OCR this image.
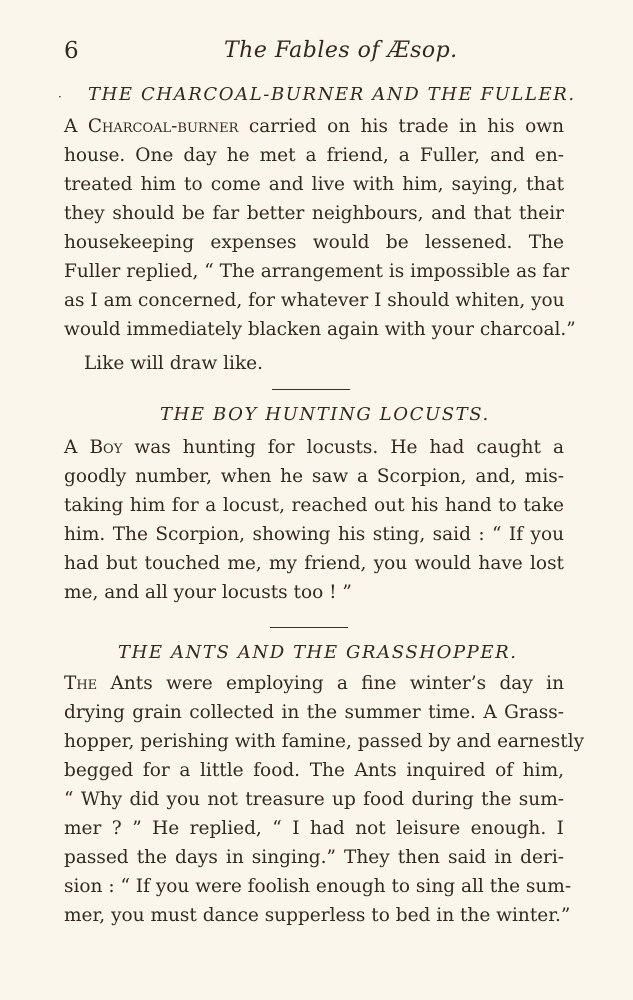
6	The Fables of Æsop.
· THE CHARCOAL-BURNER AND THE FULLER.
A Charcoal-burner carried on his trade in his own
house. One day he met a friend, a Fuller, and en-
treated him to come and live with him, saying, that
they should be far better neighbours, and that their
housekeeping expenses would be lessened. The
Fuller replied, “ The arrangement is impossible as far
as I am concerned, for whatever I should whiten, you
would immediately blacken again with your charcoal.”
Like will draw like.
THE BOY HUNTING LOCUSTS.
A Boy was hunting for locusts. He had caught a
goodly number, when he saw a Scorpion, and, mis-
taking him for a locust, reached out his hand to take
him. The Scorpion, showing his sting, said : “ If you
had but touched me, my friend, you would have lost
me, and all your locusts too ! ”
THE ANTS AND THE GRASSHOPPER.
The Ants were employing a fine winter’s day in
drying grain collected in the summer time. A Grass-
hopper, perishing with famine, passed by and earnestly
begged for a little food. The Ants inquired of him,
“ Why did you not treasure up food during the sum-
mer ? ” He replied, “ I had not leisure enough. I
passed the days in singing.” They then said in deri-
sion : “ If you were foolish enough to sing all the sum-
mer, you must dance supperless to bed in the winter.”
